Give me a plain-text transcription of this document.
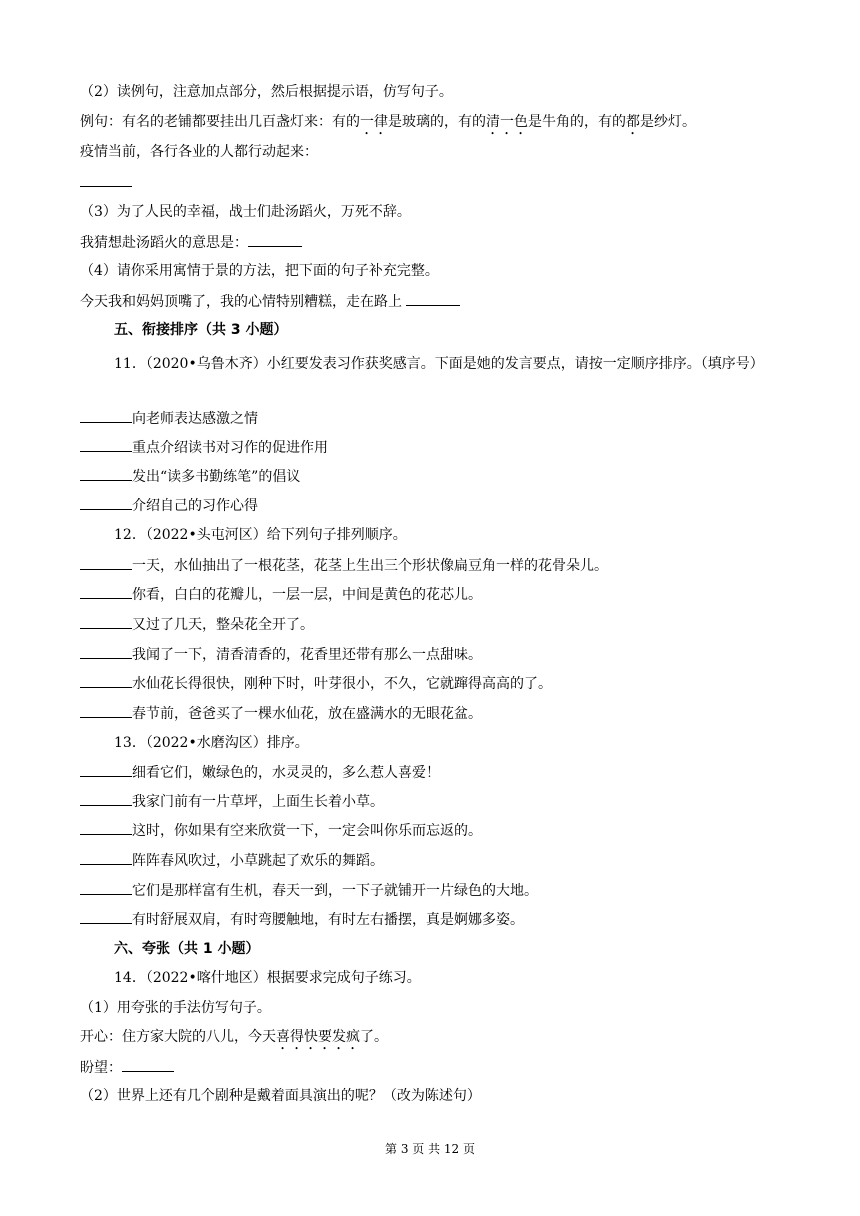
（2）读例句，注意加点部分，然后根据提示语，仿写句子。
例句：有名的老铺都要挂出几百盏灯来：有的一律是玻璃的，有的清一色是牛角的，有的都是纱灯。
疫情当前，各行各业的人都行动起来：
（3）为了人民的幸福，战士们赴汤蹈火，万死不辞。
我猜想赴汤蹈火的意思是：
（4）请你采用寓情于景的方法，把下面的句子补充完整。
今天我和妈妈顶嘴了，我的心情特别糟糕，走在路上
五、衔接排序（共 3 小题）
11．（2020•乌鲁木齐）小红要发表习作获奖感言。下面是她的发言要点，请按一定顺序排序。（填序号）
向老师表达感激之情
重点介绍读书对习作的促进作用
发出“读多书勤练笔”的倡议
介绍自己的习作心得
12．（2022•头屯河区）给下列句子排列顺序。
一天，水仙抽出了一根花茎，花茎上生出三个形状像扁豆角一样的花骨朵儿。
你看，白白的花瓣儿，一层一层，中间是黄色的花芯儿。
又过了几天，整朵花全开了。
我闻了一下，清香清香的，花香里还带有那么一点甜味。
水仙花长得很快，刚种下时，叶芽很小，不久，它就蹿得高高的了。
春节前，爸爸买了一棵水仙花，放在盛满水的无眼花盆。
13．（2022•水磨沟区）排序。
细看它们，嫩绿色的，水灵灵的，多么惹人喜爱！
我家门前有一片草坪，上面生长着小草。
这时，你如果有空来欣赏一下，一定会叫你乐而忘返的。
阵阵春风吹过，小草跳起了欢乐的舞蹈。
它们是那样富有生机，春天一到，一下子就铺开一片绿色的大地。
有时舒展双肩，有时弯腰触地，有时左右播摆，真是婀娜多姿。
六、夸张（共 1 小题）
14．（2022•喀什地区）根据要求完成句子练习。
（1）用夸张的手法仿写句子。
开心：住方家大院的八儿，今天喜得快要发疯了。
盼望：
（2）世界上还有几个剧种是戴着面具演出的呢？（改为陈述句）
第 3 页 共 12 页
